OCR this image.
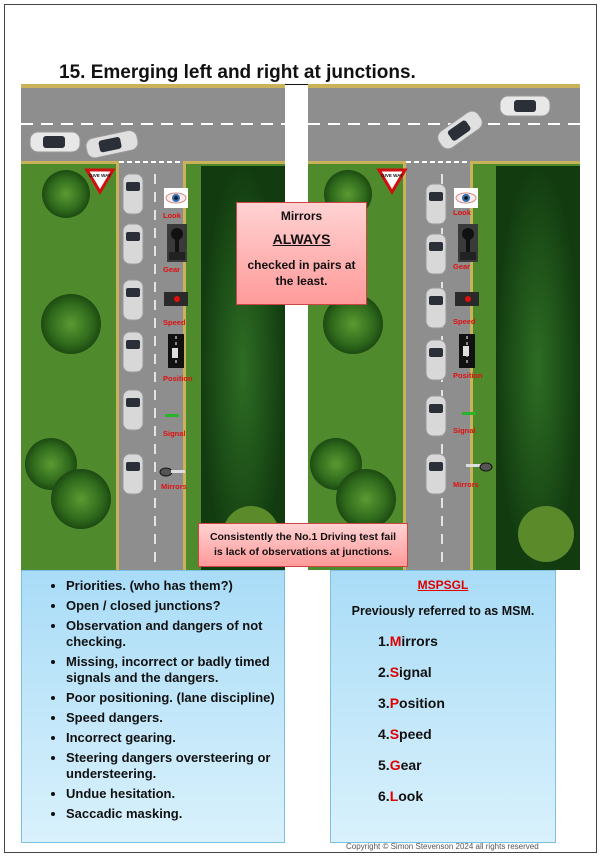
15. Emerging left and right at junctions.
GIVE WAY
Look
Gear
Speed
Position
Signal
Mirrors
GIVE WAY
Look
Gear
Speed
Position
Signal
Mirrors
Mirrors
ALWAYS
checked in pairs at the least.
Consistently the No.1 Driving test fail is lack of observations at junctions.
• Priorities. (who has them?)
• Open / closed junctions?
• Observation and dangers of not checking.
• Missing, incorrect or badly timed signals and the dangers.
• Poor positioning. (lane discipline)
• Speed dangers.
• Incorrect gearing.
• Steering dangers oversteering or understeering.
• Undue hesitation.
• Saccadic masking.
MSPSGL
Previously referred to as MSM.
1.Mirrors
2.Signal
3.Position
4.Speed
5.Gear
6.Look
Copyright © Simon Stevenson 2024 all rights reserved
